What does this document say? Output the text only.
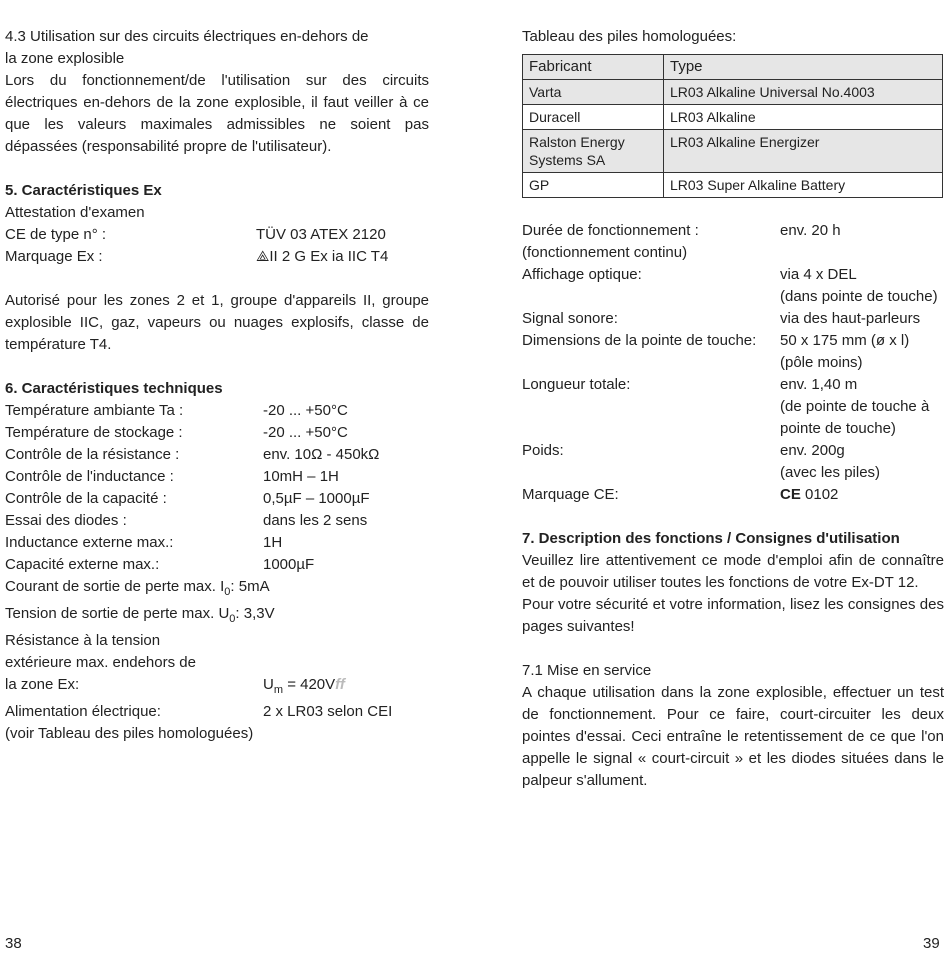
4.3 Utilisation sur des circuits électriques en-dehors de

la zone explosible

Lors du fonctionnement/de l'utilisation sur des circuits électriques en-dehors de la zone explosible, il faut veiller à ce que les valeurs maximales admissibles ne soient pas dépassées (responsabilité propre de l'utilisateur).

5. Caractéristiques Ex

Attestation d'examen

CE de type n° :	TÜV 03 ATEX 2120
Marquage Ex :	⟁II 2 G Ex ia IIC T4

Autorisé pour les zones 2 et 1, groupe d'appareils II, groupe explosible IIC, gaz, vapeurs ou nuages explosifs, classe de température T4.

6. Caractéristiques techniques

Température ambiante Ta :	-20 ... +50°C
Température de stockage :	-20 ... +50°C
Contrôle de la résistance :	env. 10Ω - 450kΩ
Contrôle de l'inductance :	10mH – 1H
Contrôle de la capacité :	0,5µF – 1000µF
Essai des diodes :	dans les 2 sens
Inductance externe max.:	1H
Capacité externe max.:	1000µF
Courant de sortie de perte max. $I_0$: 5mA
Tension de sortie de perte max. $U_0$: 3,3V

Résistance à la tension

extérieure max. endehors de

la zone Ex:	$U_m = 420Vff$
Alimentation électrique:	2 x LR03 selon CEI

(voir Tableau des piles homologuées)

Tableau des piles homologuées:

Fabricant	Type
Varta	LR03 Alkaline Universal No.4003
Duracell	LR03 Alkaline
Ralston Energy Systems SA	LR03 Alkaline Energizer
GP	LR03 Super Alkaline Battery
Durée de fonctionnement :	env. 20 h
(fonctionnement continu)
Affichage optique:	via 4 x DEL
(dans pointe de touche)
Signal sonore:	via des haut-parleurs
Dimensions de la pointe de touche:	50 x 175 mm (ø x l)
(pôle moins)
Longueur totale:	env. 1,40 m
(de pointe de touche à
pointe de touche)
Poids:	env. 200g
(avec les piles)
Marquage CE:	CE 0102

7. Description des fonctions / Consignes d'utilisation

Veuillez lire attentivement ce mode d'emploi afin de connaître et de pouvoir utiliser toutes les fonctions de votre Ex-DT 12.

Pour votre sécurité et votre information, lisez les consignes des pages suivantes!

7.1 Mise en service

A chaque utilisation dans la zone explosible, effectuer un test de fonctionnement. Pour ce faire, court-circuiter les deux pointes d'essai. Ceci entraîne le retentissement de ce que l'on appelle le signal « court-circuit » et les diodes situées dans le palpeur s'allument.

38	39
